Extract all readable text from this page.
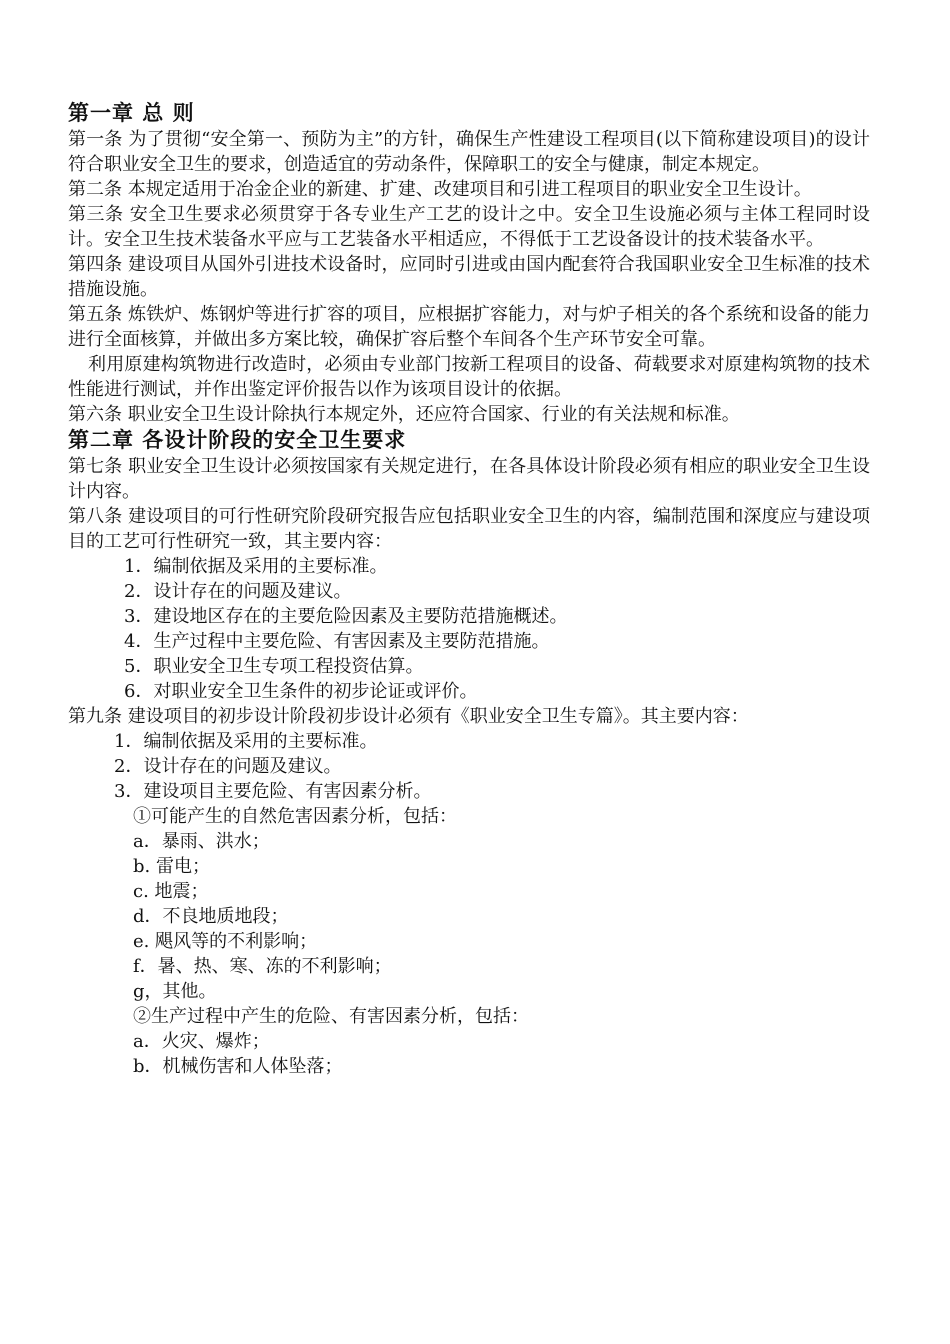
第一章 总 则

第一条 为了贯彻“安全第一、预防为主”的方针，确保生产性建设工程项目(以下简称建设项目)的设计符合职业安全卫生的要求，创造适宜的劳动条件，保障职工的安全与健康，制定本规定。

第二条 本规定适用于冶金企业的新建、扩建、改建项目和引进工程项目的职业安全卫生设计。

第三条 安全卫生要求必须贯穿于各专业生产工艺的设计之中。安全卫生设施必须与主体工程同时设计。安全卫生技术装备水平应与工艺装备水平相适应，不得低于工艺设备设计的技术装备水平。

第四条 建设项目从国外引进技术设备时，应同时引进或由国内配套符合我国职业安全卫生标准的技术措施设施。

第五条 炼铁炉、炼钢炉等进行扩容的项目，应根据扩容能力，对与炉子相关的各个系统和设备的能力进行全面核算，并做出多方案比较，确保扩容后整个车间各个生产环节安全可靠。

利用原建构筑物进行改造时，必须由专业部门按新工程项目的设备、荷载要求对原建构筑物的技术性能进行测试，并作出鉴定评价报告以作为该项目设计的依据。

第六条 职业安全卫生设计除执行本规定外，还应符合国家、行业的有关法规和标准。

第二章 各设计阶段的安全卫生要求

第七条 职业安全卫生设计必须按国家有关规定进行，在各具体设计阶段必须有相应的职业安全卫生设计内容。

第八条 建设项目的可行性研究阶段研究报告应包括职业安全卫生的内容，编制范围和深度应与建设项目的工艺可行性研究一致，其主要内容：

1．编制依据及采用的主要标准。

2．设计存在的问题及建议。

3．建设地区存在的主要危险因素及主要防范措施概述。

4．生产过程中主要危险、有害因素及主要防范措施。

5．职业安全卫生专项工程投资估算。

6．对职业安全卫生条件的初步论证或评价。

第九条 建设项目的初步设计阶段初步设计必须有《职业安全卫生专篇》。其主要内容：

1．编制依据及采用的主要标准。

2．设计存在的问题及建议。

3．建设项目主要危险、有害因素分析。

①可能产生的自然危害因素分析，包括：

a．暴雨、洪水；

b. 雷电；

c. 地震；

d．不良地质地段；

e. 飓风等的不利影响；

f．暑、热、寒、冻的不利影响；

g，其他。

②生产过程中产生的危险、有害因素分析，包括：

a．火灾、爆炸；

b．机械伤害和人体坠落；
